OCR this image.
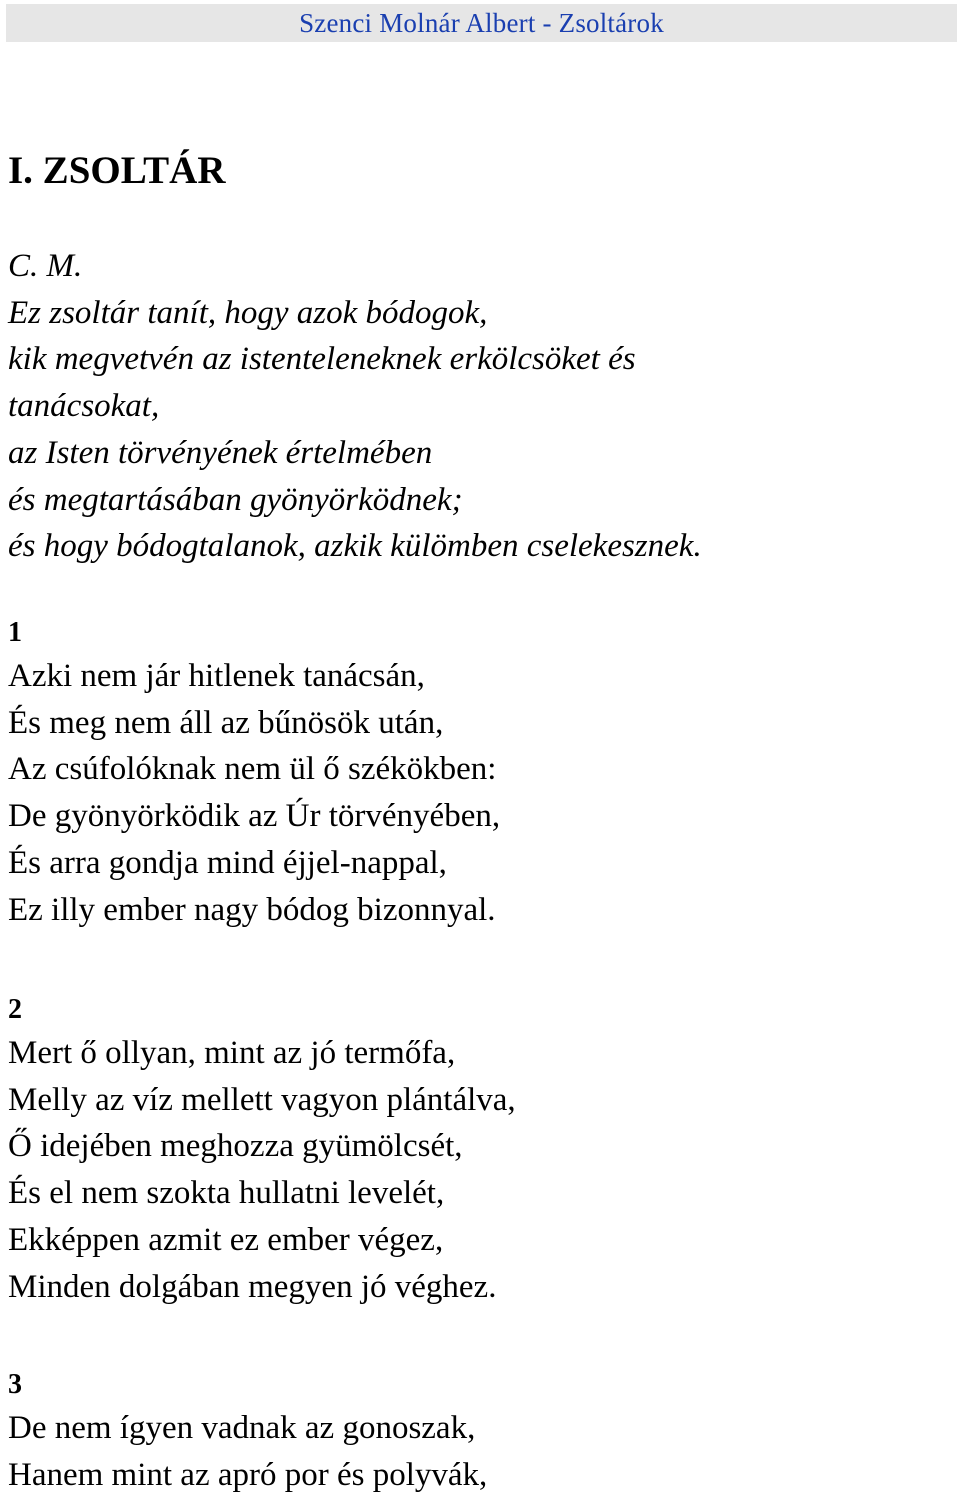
Szenci Molnár Albert - Zsoltárok
I. ZSOLTÁR
C. M.
Ez zsoltár tanít, hogy azok bódogok,
kik megvetvén az istenteleneknek erkölcsöket és
tanácsokat,
az Isten törvényének értelmében
és megtartásában gyönyörködnek;
és hogy bódogtalanok, azkik külömben cselekesznek.
1
Azki nem jár hitlenek tanácsán,
És meg nem áll az bűnösök után,
Az csúfolóknak nem ül ő székökben:
De gyönyörködik az Úr törvényében,
És arra gondja mind éjjel-nappal,
Ez illy ember nagy bódog bizonnyal.
2
Mert ő ollyan, mint az jó termőfa,
Melly az víz mellett vagyon plántálva,
Ő idejében meghozza gyümölcsét,
És el nem szokta hullatni levelét,
Ekképpen azmit ez ember végez,
Minden dolgában megyen jó véghez.
3
De nem ígyen vadnak az gonoszak,
Hanem mint az apró por és polyvák,
